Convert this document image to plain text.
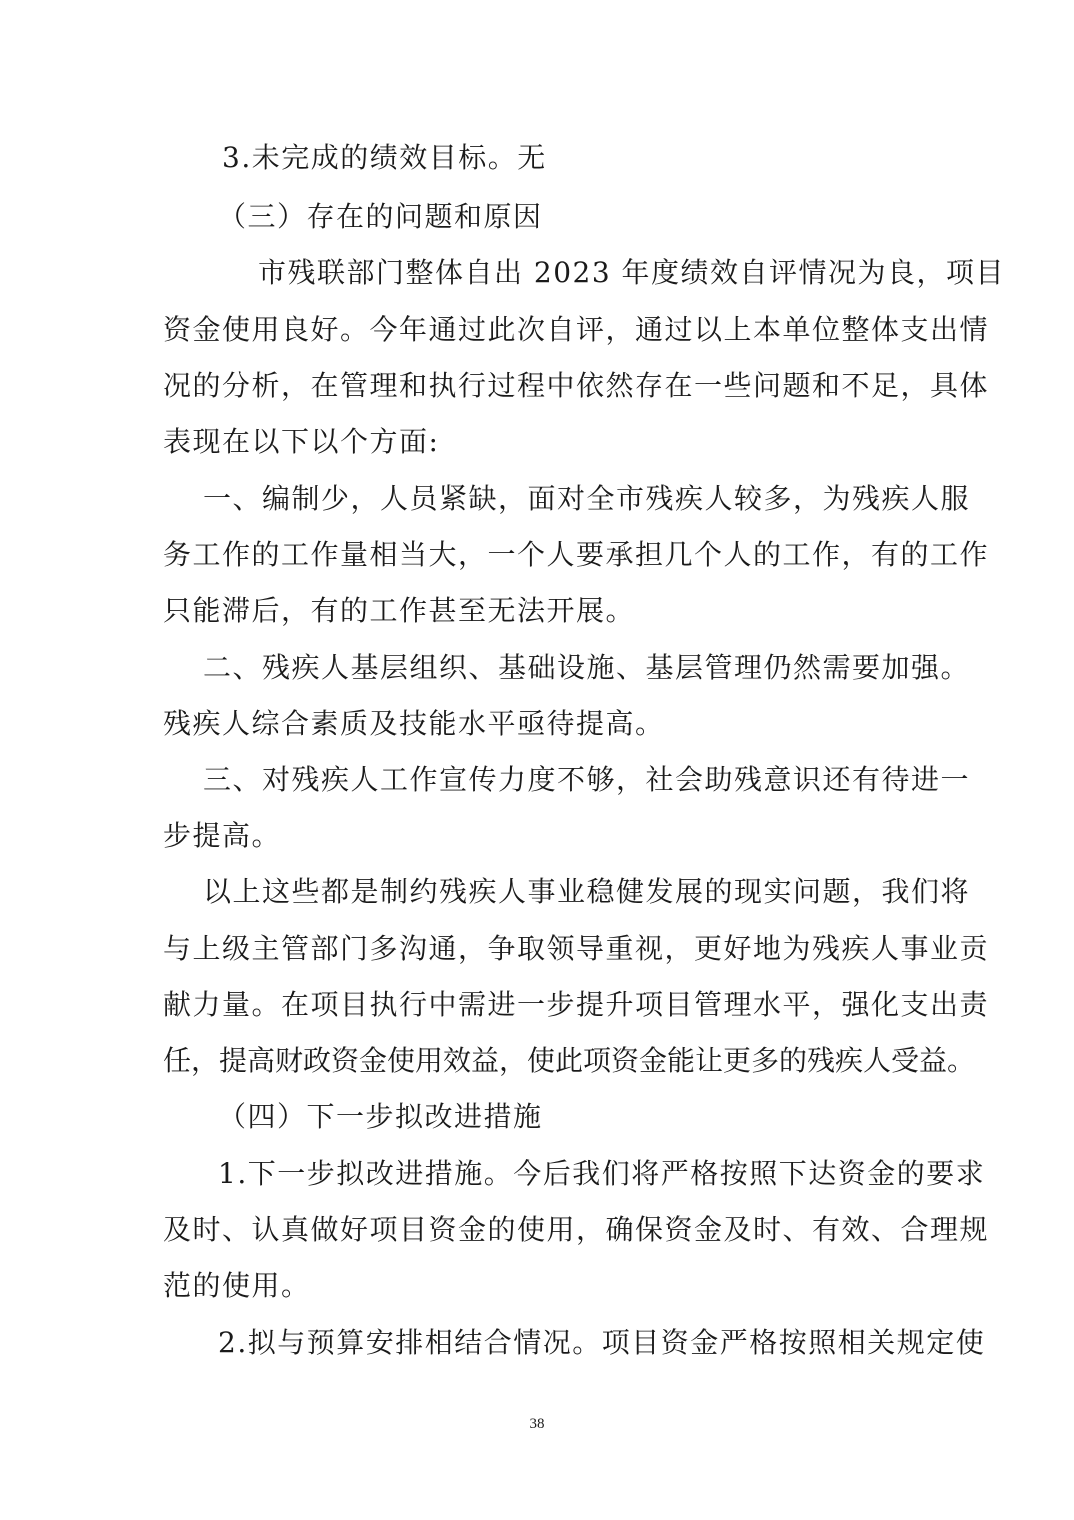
3.未完成的绩效目标。无
（三）存在的问题和原因
市残联部门整体自出 2023 年度绩效自评情况为良，项目
资金使用良好。今年通过此次自评，通过以上本单位整体支出情
况的分析，在管理和执行过程中依然存在一些问题和不足，具体
表现在以下以个方面:
一、编制少，人员紧缺，面对全市残疾人较多，为残疾人服
务工作的工作量相当大，一个人要承担几个人的工作，有的工作
只能滞后，有的工作甚至无法开展。
二、残疾人基层组织、基础设施、基层管理仍然需要加强。
残疾人综合素质及技能水平亟待提高。
三、对残疾人工作宣传力度不够，社会助残意识还有待进一
步提高。
以上这些都是制约残疾人事业稳健发展的现实问题，我们将
与上级主管部门多沟通，争取领导重视，更好地为残疾人事业贡
献力量。在项目执行中需进一步提升项目管理水平，强化支出责
任，提高财政资金使用效益，使此项资金能让更多的残疾人受益。
（四）下一步拟改进措施
1.下一步拟改进措施。今后我们将严格按照下达资金的要求
及时、认真做好项目资金的使用，确保资金及时、有效、合理规
范的使用。
2.拟与预算安排相结合情况。项目资金严格按照相关规定使
38
